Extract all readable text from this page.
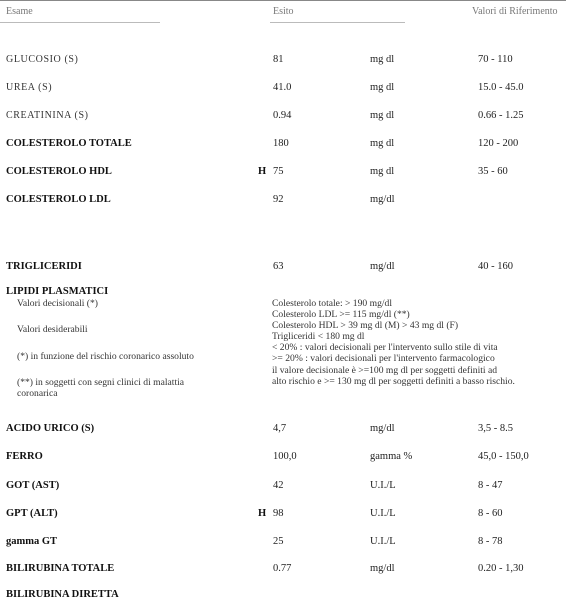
Esame	Esito	Valori di Riferimento
GLUCOSIO (S)	81	mg dl	70 - 110
UREA (S)	41.0	mg dl	15.0 - 45.0
CREATININA (S)	0.94	mg dl	0.66 - 1.25
COLESTEROLO TOTALE	180	mg dl	120 - 200
COLESTEROLO HDL	H 75	mg dl	35 - 60
COLESTEROLO LDL	92	mg/dl
TRIGLICERIDI	63	mg/dl	40 - 160
LIPIDI PLASMATICI
Valori decisionali (*)
Valori desiderabili
(*) in funzione del rischio coronarico assoluto
(**) in soggetti con segni clinici di malattia
coronarica
Colesterolo totale: > 190 mg/dl
Colesterolo LDL >= 115 mg/dl (**)
Colesterolo HDL > 39 mg dl (M) > 43 mg dl (F)
Trigliceridi < 180 mg dl
< 20% : valori decisionali per l'intervento sullo stile di vita
>= 20% : valori decisionali per l'intervento farmacologico
il valore decisionale è >=100 mg dl per soggetti definiti ad
alto rischio e >= 130 mg dl per soggetti definiti a basso rischio.
ACIDO URICO (S)	4,7	mg/dl	3,5 - 8.5
FERRO	100,0	gamma %	45,0 - 150,0
GOT (AST)	42	U.I./L	8 - 47
GPT (ALT)	H 98	U.I./L	8 - 60
gamma GT	25	U.I./L	8 - 78
BILIRUBINA TOTALE	0.77	mg/dl	0.20 - 1,30
BILIRUBINA DIRETTA
